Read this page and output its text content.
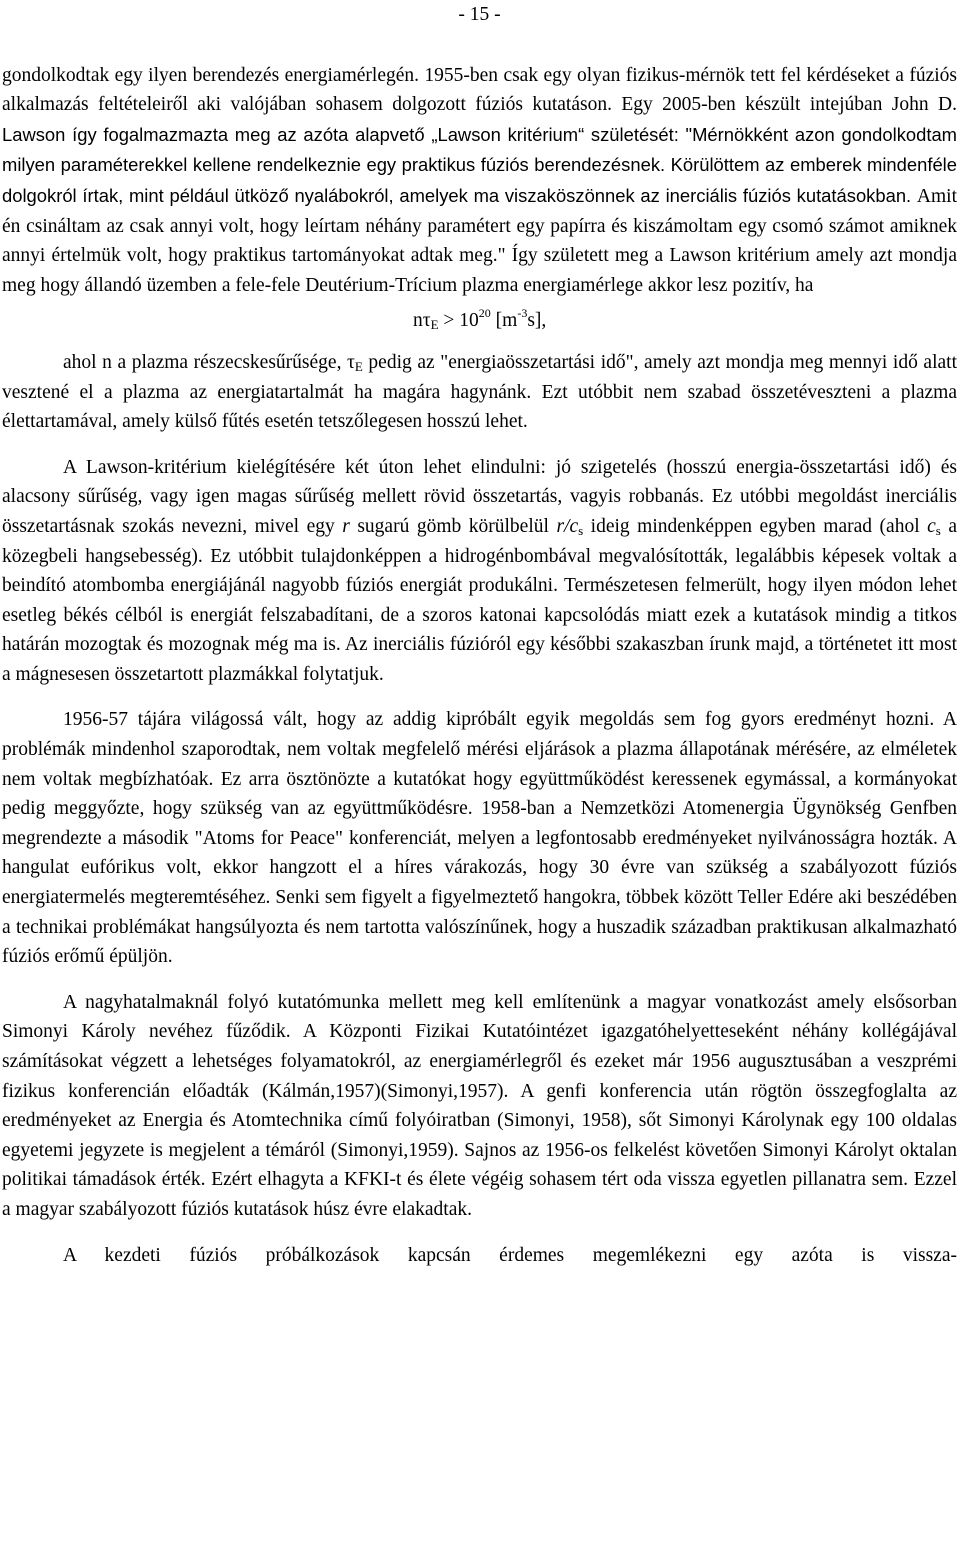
- 15 -

gondolkodtak egy ilyen berendezés energiamérlegén. 1955-ben csak egy olyan fizikus-mérnök tett fel kérdéseket a fúziós alkalmazás feltételeiről aki valójában sohasem dolgozott fúziós kutatáson. Egy 2005-ben készült intejúban John D. Lawson így fogalmazmazta meg az azóta alapvető „Lawson kritérium“ születését: "Mérnökként azon gondolkodtam milyen paraméterekkel kellene rendelkeznie egy praktikus fúziós berendezésnek. Körülöttem az emberek mindenféle dolgokról írtak, mint például ütköző nyalábokról, amelyek ma viszaköszönnek az inerciális fúziós kutatásokban. Amit én csináltam az csak annyi volt, hogy leírtam néhány paramétert egy papírra és kiszámoltam egy csomó számot amiknek annyi értelmük volt, hogy praktikus tartományokat adtak meg." Így született meg a Lawson kritérium amely azt mondja meg hogy állandó üzemben a fele-fele Deutérium-Trícium plazma energiamérlege akkor lesz pozitív, ha

$n\tau_E > 10^{20}$ $[m^{-3}s]$,

ahol n a plazma részecskesűrűsége, $\tau_E$ pedig az "energiaösszetartási idő", amely azt mondja meg mennyi idő alatt vesztené el a plazma az energiatartalmát ha magára hagynánk. Ezt utóbbit nem szabad összetéveszteni a plazma élettartamával, amely külső fűtés esetén tetszőlegesen hosszú lehet.

A Lawson-kritérium kielégítésére két úton lehet elindulni: jó szigetelés (hosszú energia-összetartási idő) és alacsony sűrűség, vagy igen magas sűrűség mellett rövid összetartás, vagyis robbanás. Ez utóbbi megoldást inerciális összetartásnak szokás nevezni, mivel egy r sugarú gömb körülbelül $r/c_s$ ideig mindenképpen egyben marad (ahol $c_s$ a közegbeli hangsebesség). Ez utóbbit tulajdonképpen a hidrogénbombával megvalósították, legalábbis képesek voltak a beindító atombomba energiájánál nagyobb fúziós energiát produkálni. Természetesen felmerült, hogy ilyen módon lehet esetleg békés célból is energiát felszabadítani, de a szoros katonai kapcsolódás miatt ezek a kutatások mindig a titkos határán mozogtak és mozognak még ma is. Az inerciális fúzióról egy későbbi szakaszban írunk majd, a történetet itt most a mágnesesen összetartott plazmákkal folytatjuk.

1956-57 tájára világossá vált, hogy az addig kipróbált egyik megoldás sem fog gyors eredményt hozni. A problémák mindenhol szaporodtak, nem voltak megfelelő mérési eljárások a plazma állapotának mérésére, az elméletek nem voltak megbízhatóak. Ez arra ösztönözte a kutatókat hogy együttműködést keressenek egymással, a kormányokat pedig meggyőzte, hogy szükség van az együttműködésre. 1958-ban a Nemzetközi Atomenergia Ügynökség Genfben megrendezte a második "Atoms for Peace" konferenciát, melyen a legfontosabb eredményeket nyilvánosságra hozták. A hangulat eufórikus volt, ekkor hangzott el a híres várakozás, hogy 30 évre van szükség a szabályozott fúziós energiatermelés megteremtéséhez. Senki sem figyelt a figyelmeztető hangokra, többek között Teller Edére aki beszédében a technikai problémákat hangsúlyozta és nem tartotta valószínűnek, hogy a huszadik században praktikusan alkalmazható fúziós erőmű épüljön.

A nagyhatalmaknál folyó kutatómunka mellett meg kell említenünk a magyar vonatkozást amely elsősorban Simonyi Károly nevéhez fűződik. A Központi Fizikai Kutatóintézet igazgatóhelyetteseként néhány kollégájával számításokat végzett a lehetséges folyamatokról, az energiamérlegről és ezeket már 1956 augusztusában a veszprémi fizikus konferencián előadták (Kálmán,1957)(Simonyi,1957). A genfi konferencia után rögtön összegfoglalta az eredményeket az Energia és Atomtechnika című folyóiratban (Simonyi, 1958), sőt Simonyi Károlynak egy 100 oldalas egyetemi jegyzete is megjelent a témáról (Simonyi,1959). Sajnos az 1956-os felkelést követően Simonyi Károlyt oktalan politikai támadások érték. Ezért elhagyta a KFKI-t és élete végéig sohasem tért oda vissza egyetlen pillanatra sem. Ezzel a magyar szabályozott fúziós kutatások húsz évre elakadtak.

A kezdeti fúziós próbálkozások kapcsán érdemes megemlékezni egy azóta is vissza-
